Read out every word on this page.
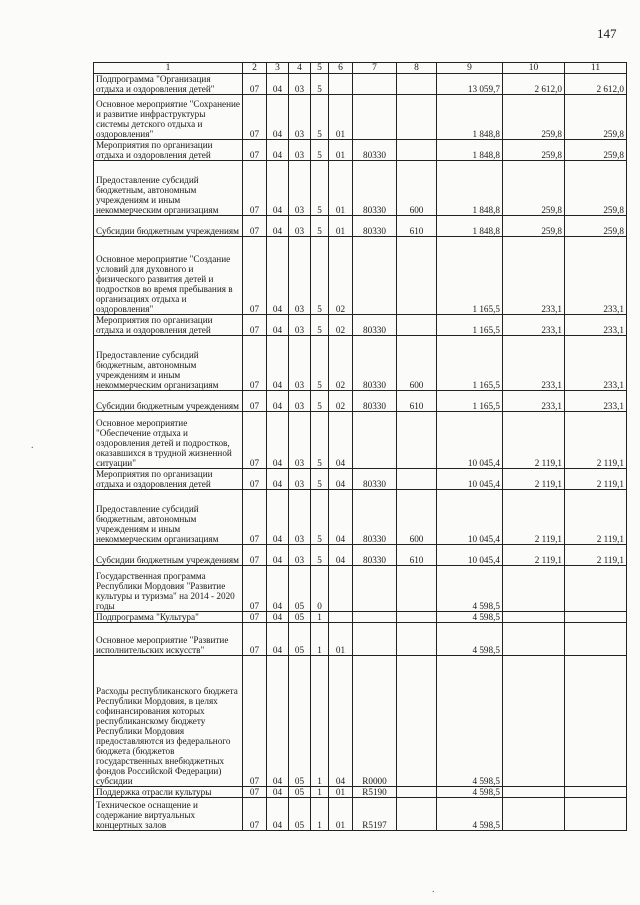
147
.
.
1	2	3	4	5	6	7	8	9	10	11
Подпрограмма "Организация отдыха и оздоровления детей"	07	04	03	5				13 059,7	2 612,0	2 612,0
Основное мероприятие "Сохранение и развитие инфраструктуры системы детского отдыха и оздоровления"	07	04	03	5	01			1 848,8	259,8	259,8
Мероприятия по организации отдыха и оздоровления детей	07	04	03	5	01	80330		1 848,8	259,8	259,8
Предоставление субсидий бюджетным, автономным учреждениям и иным некоммерческим организациям	07	04	03	5	01	80330	600	1 848,8	259,8	259,8
Субсидии бюджетным учреждениям	07	04	03	5	01	80330	610	1 848,8	259,8	259,8
Основное мероприятие "Создание условий для духовного и физического развития детей и подростков во время пребывания в организациях отдыха и оздоровления"	07	04	03	5	02			1 165,5	233,1	233,1
Мероприятия по организации отдыха и оздоровления детей	07	04	03	5	02	80330		1 165,5	233,1	233,1
Предоставление субсидий бюджетным, автономным учреждениям и иным некоммерческим организациям	07	04	03	5	02	80330	600	1 165,5	233,1	233,1
Субсидии бюджетным учреждениям	07	04	03	5	02	80330	610	1 165,5	233,1	233,1
Основное мероприятие "Обеспечение отдыха и оздоровления детей и подростков, оказавшихся в трудной жизненной ситуации"	07	04	03	5	04			10 045,4	2 119,1	2 119,1
Мероприятия по организации отдыха и оздоровления детей	07	04	03	5	04	80330		10 045,4	2 119,1	2 119,1
Предоставление субсидий бюджетным, автономным учреждениям и иным некоммерческим организациям	07	04	03	5	04	80330	600	10 045,4	2 119,1	2 119,1
Субсидии бюджетным учреждениям	07	04	03	5	04	80330	610	10 045,4	2 119,1	2 119,1
Государственная программа Республики Мордовия "Развитие культуры и туризма" на 2014 - 2020 годы	07	04	05	0				4 598,5		
Подпрограмма "Культура"	07	04	05	1				4 598,5		
Основное мероприятие "Развитие исполнительских искусств"	07	04	05	1	01			4 598,5		
Расходы республиканского бюджета Республики Мордовия, в целях софинансирования которых республиканскому бюджету Республики Мордовия предоставляются из федерального бюджета (бюджетов государственных внебюджетных фондов Российской Федерации) субсидии	07	04	05	1	04	R0000		4 598,5		
Поддержка отрасли культуры	07	04	05	1	01	R5190		4 598,5		
Техническое оснащение и содержание виртуальных концертных залов	07	04	05	1	01	R5197		4 598,5		
